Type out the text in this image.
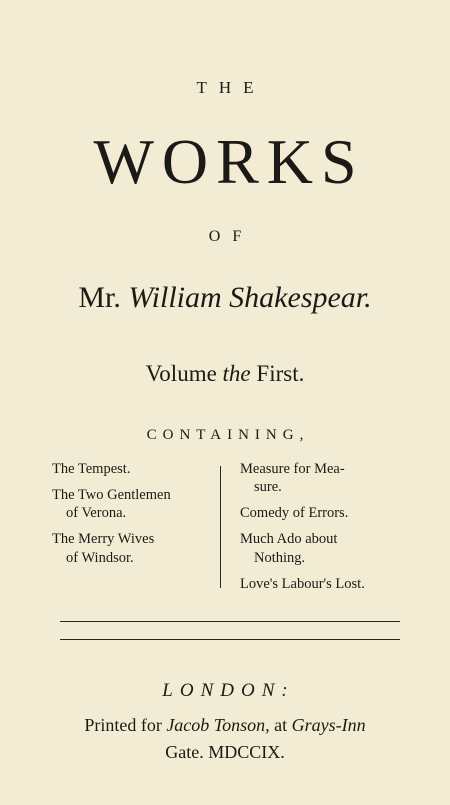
THE
WORKS
OF
Mr. William Shakespear.
Volume the First.
CONTAINING,
The Tempest.
The Two Gentlemen
of Verona.
The Merry Wives
of Windsor.
Measure for Mea-
sure.
Comedy of Errors.
Much Ado about
Nothing.
Love's Labour's Lost.
LONDON:
Printed for Jacob Tonson, at Grays-Inn
Gate. MDCCIX.
